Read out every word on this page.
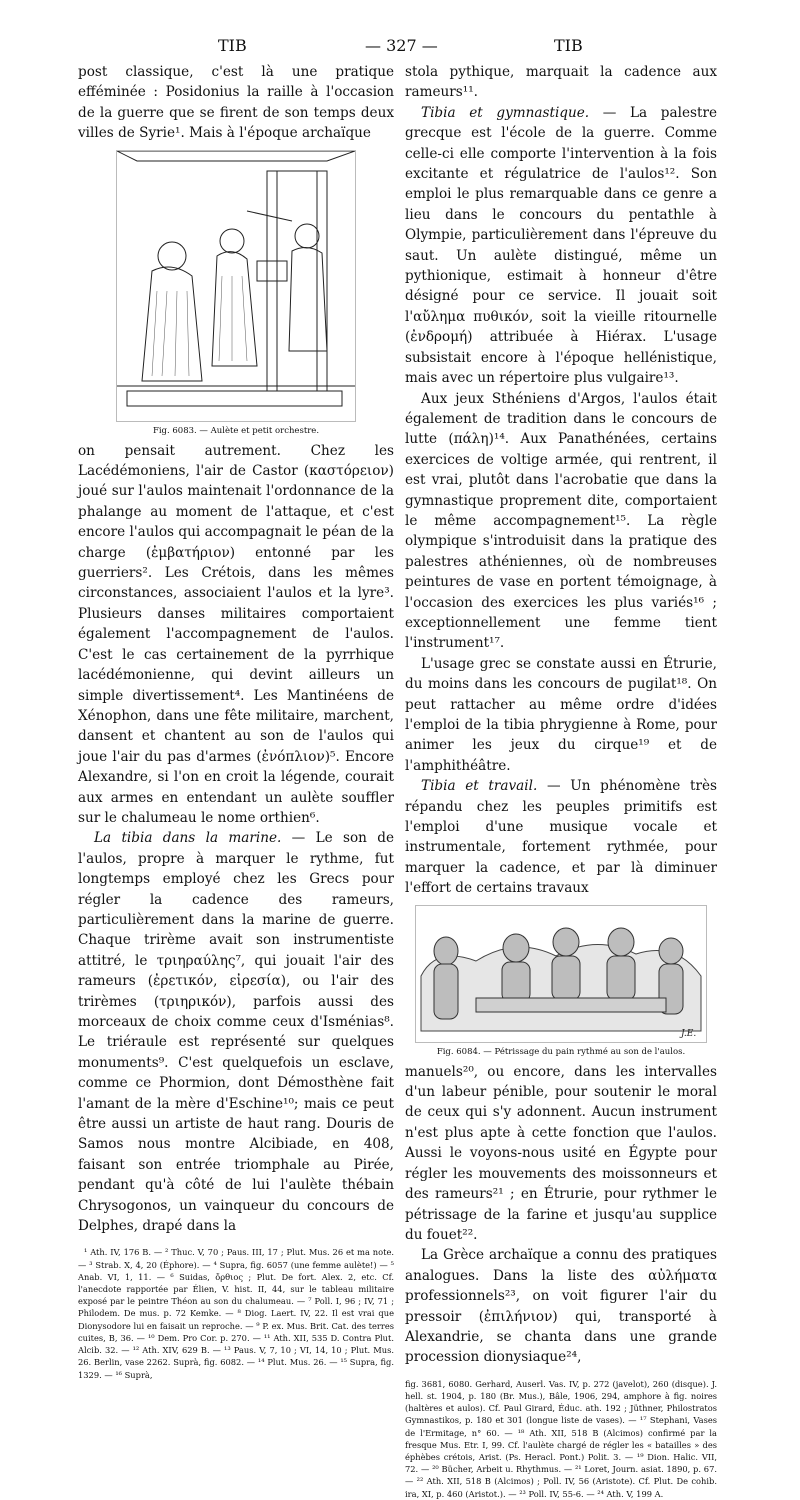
TIB	— 327 —	TIB

post classique, c'est là une pratique efféminée : Posidonius la raille à l'occasion de la guerre que se firent de son temps deux villes de Syrie¹. Mais à l'époque archaïque

Fig. 6083. — Aulète et petit orchestre.

on pensait autrement. Chez les Lacédémoniens, l'air de Castor (καστόρειον) joué sur l'aulos maintenait l'ordonnance de la phalange au moment de l'attaque, et c'est encore l'aulos qui accompagnait le péan de la charge (ἐμβατήριον) entonné par les guerriers². Les Crétois, dans les mêmes circonstances, associaient l'aulos et la lyre³. Plusieurs danses militaires comportaient également l'accompagnement de l'aulos. C'est le cas certainement de la pyrrhique lacédémonienne, qui devint ailleurs un simple divertissement⁴. Les Mantinéens de Xénophon, dans une fête militaire, marchent, dansent et chantent au son de l'aulos qui joue l'air du pas d'armes (ἐνόπλιον)⁵. Encore Alexandre, si l'on en croit la légende, courait aux armes en entendant un aulète souffler sur le chalumeau le nome orthien⁶.

La tibia dans la marine. — Le son de l'aulos, propre à marquer le rythme, fut longtemps employé chez les Grecs pour régler la cadence des rameurs, particulièrement dans la marine de guerre. Chaque trirème avait son instrumentiste attitré, le τριηραύλης⁷, qui jouait l'air des rameurs (ἐρετικόν, εἰρεσία), ou l'air des trirèmes (τριηρικόν), parfois aussi des morceaux de choix comme ceux d'Isménias⁸. Le triéraule est représenté sur quelques monuments⁹. C'est quelquefois un esclave, comme ce Phormion, dont Démosthène fait l'amant de la mère d'Eschine¹⁰; mais ce peut être aussi un artiste de haut rang. Douris de Samos nous montre Alcibiade, en 408, faisant son entrée triomphale au Pirée, pendant qu'à côté de lui l'aulète thébain Chrysogonos, un vainqueur du concours de Delphes, drapé dans la

¹ Ath. IV, 176 B. — ² Thuc. V, 70 ; Paus. III, 17 ; Plut. Mus. 26 et ma note. — ³ Strab. X, 4, 20 (Éphore). — ⁴ Supra, fig. 6057 (une femme aulète!) — ⁵ Anab. VI, 1, 11. — ⁶ Suidas, ὄρθιος ; Plut. De fort. Alex. 2, etc. Cf. l'anecdote rapportée par Élien, V. hist. II, 44, sur le tableau militaire exposé par le peintre Théon au son du chalumeau. — ⁷ Poll. I, 96 ; IV, 71 ; Philodem. De mus. p. 72 Kemke. — ⁸ Diog. Laert. IV, 22. Il est vrai que Dionysodore lui en faisait un reproche. — ⁹ P. ex. Mus. Brit. Cat. des terres cuites, B, 36. — ¹⁰ Dem. Pro Cor. p. 270. — ¹¹ Ath. XII, 535 D. Contra Plut. Alcib. 32. — ¹² Ath. XIV, 629 B. — ¹³ Paus. V, 7, 10 ; VI, 14, 10 ; Plut. Mus. 26. Berlin, vase 2262. Suprà, fig. 6082. — ¹⁴ Plut. Mus. 26. — ¹⁵ Supra, fig. 1329. — ¹⁶ Suprà,

stola pythique, marquait la cadence aux rameurs¹¹.

Tibia et gymnastique. — La palestre grecque est l'école de la guerre. Comme celle-ci elle comporte l'intervention à la fois excitante et régulatrice de l'aulos¹². Son emploi le plus remarquable dans ce genre a lieu dans le concours du pentathle à Olympie, particulièrement dans l'épreuve du saut. Un aulète distingué, même un pythionique, estimait à honneur d'être désigné pour ce service. Il jouait soit l'αὔλημα πυθικόν, soit la vieille ritournelle (ἐνδρομή) attribuée à Hiérax. L'usage subsistait encore à l'époque hellénistique, mais avec un répertoire plus vulgaire¹³.

Aux jeux Sthéniens d'Argos, l'aulos était également de tradition dans le concours de lutte (πάλη)¹⁴. Aux Panathénées, certains exercices de voltige armée, qui rentrent, il est vrai, plutôt dans l'acrobatie que dans la gymnastique proprement dite, comportaient le même accompagnement¹⁵. La règle olympique s'introduisit dans la pratique des palestres athéniennes, où de nombreuses peintures de vase en portent témoignage, à l'occasion des exercices les plus variés¹⁶ ; exceptionnellement une femme tient l'instrument¹⁷.

L'usage grec se constate aussi en Étrurie, du moins dans les concours de pugilat¹⁸. On peut rattacher au même ordre d'idées l'emploi de la tibia phrygienne à Rome, pour animer les jeux du cirque¹⁹ et de l'amphithéâtre.

Tibia et travail. — Un phénomène très répandu chez les peuples primitifs est l'emploi d'une musique vocale et instrumentale, fortement rythmée, pour marquer la cadence, et par là diminuer l'effort de certains travaux

J.E.
Fig. 6084. — Pétrissage du pain rythmé au son de l'aulos.

manuels²⁰, ou encore, dans les intervalles d'un labeur pénible, pour soutenir le moral de ceux qui s'y adonnent. Aucun instrument n'est plus apte à cette fonction que l'aulos. Aussi le voyons-nous usité en Égypte pour régler les mouvements des moissonneurs et des rameurs²¹ ; en Étrurie, pour rythmer le pétrissage de la farine et jusqu'au supplice du fouet²².

La Grèce archaïque a connu des pratiques analogues. Dans la liste des αὐλήματα professionnels²³, on voit figurer l'air du pressoir (ἐπιλήνιον) qui, transporté à Alexandrie, se chanta dans une grande procession dionysiaque²⁴,

fig. 3681, 6080. Gerhard, Auserl. Vas. IV, p. 272 (javelot), 260 (disque). J. hell. st. 1904, p. 180 (Br. Mus.), Bâle, 1906, 294, amphore à fig. noires (haltères et aulos). Cf. Paul Girard, Éduc. ath. 192 ; Jüthner, Philostratos Gymnastikos, p. 180 et 301 (longue liste de vases). — ¹⁷ Stephani, Vases de l'Ermitage, n° 60. — ¹⁸ Ath. XII, 518 B (Alcimos) confirmé par la fresque Mus. Etr. I, 99. Cf. l'aulète chargé de régler les « batailles » des éphèbes crétois, Arist. (Ps. Heracl. Pont.) Polit. 3. — ¹⁹ Dion. Halic. VII, 72. — ²⁰ Bücher, Arbeit u. Rhythmus. — ²¹ Loret, Journ. asiat. 1890, p. 67. — ²² Ath. XII, 518 B (Alcimos) ; Poll. IV, 56 (Aristote). Cf. Plut. De cohib. ira, XI, p. 460 (Aristot.). — ²³ Poll. IV, 55-6. — ²⁴ Ath. V, 199 A.
